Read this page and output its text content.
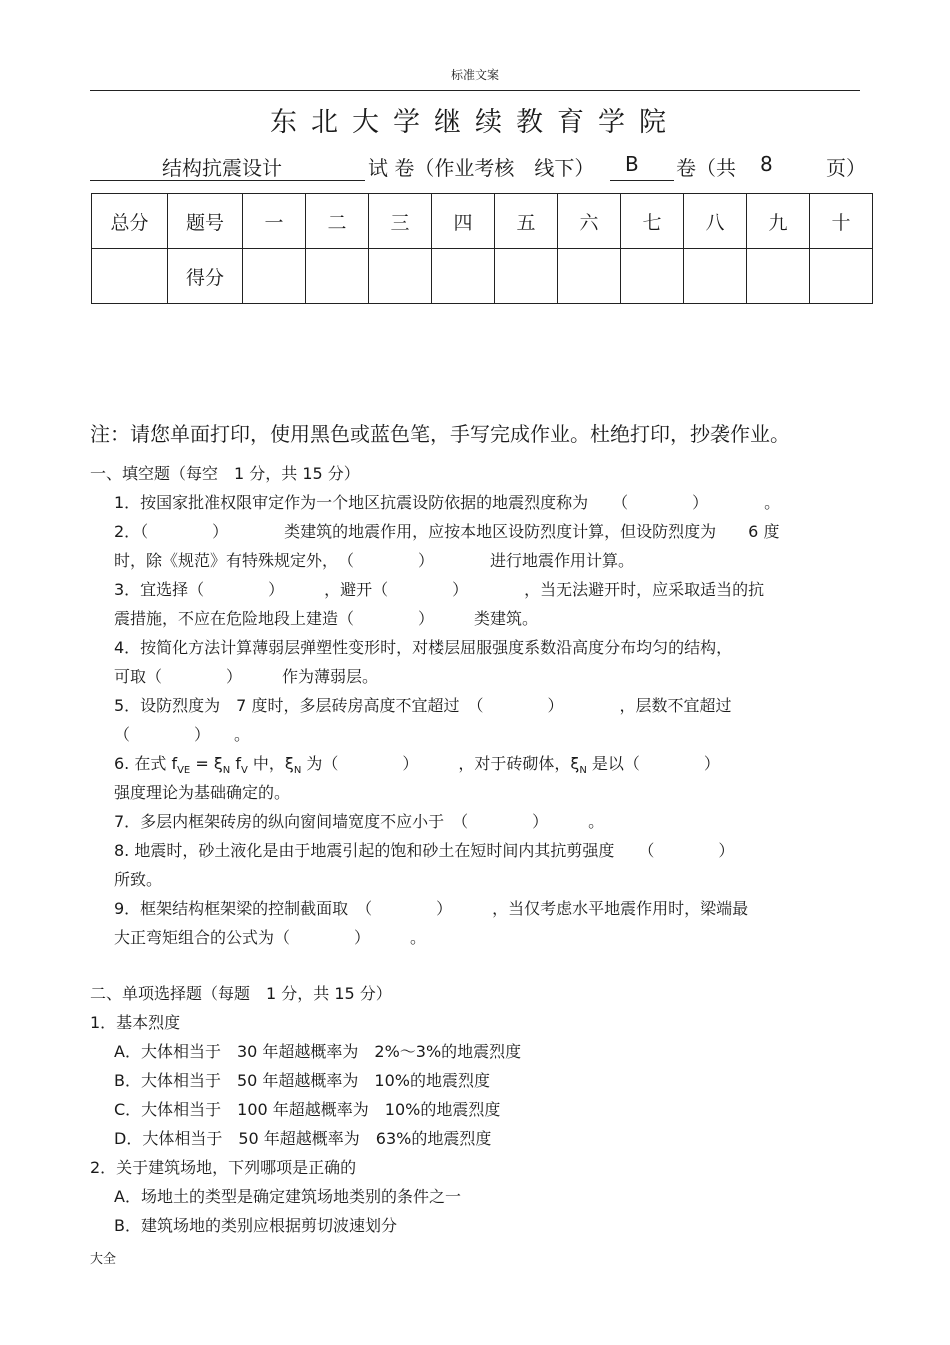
标准文案
东北大学继续教育学院
结构抗震设计	试 卷（作业考核　线下） B 卷（共 8	页）
总分	题号	一	二	三	四	五	六	七	八	九	十
	得分										
注：请您单面打印，使用黑色或蓝色笔，手写完成作业。杜绝打印，抄袭作业。
一、填空题（每空　1 分，共 15 分）
1．按国家批准权限审定作为一个地区抗震设防依据的地震烈度称为　　（　　　　）　　　　。
2．（　　　　）　　　　类建筑的地震作用，应按本地区设防烈度计算，但设防烈度为　　6 度
时，除《规范》有特殊规定外，　（　　　　）　　　　进行地震作用计算。
3．宜选择（　　　　）　　　，避开（　　　　）　　　　，当无法避开时，应采取适当的抗
震措施，不应在危险地段上建造（　　　　）　　　类建筑。
4．按简化方法计算薄弱层弹塑性变形时，对楼层屈服强度系数沿高度分布均匀的结构，
可取（　　　　）　　　作为薄弱层。
5．设防烈度为　7 度时，多层砖房高度不宜超过　（　　　　）　　　　，层数不宜超过
（　　　　）　　。
6. 在式 $f_{VE} = \xi_N$ $f_V$ 中，$\xi_N$ 为（　　　　）　　　，对于砖砌体，$\xi_N$ 是以（　　　　）
强度理论为基础确定的。
7．多层内框架砖房的纵向窗间墙宽度不应小于　（　　　　）　　　。
8. 地震时，砂土液化是由于地震引起的饱和砂土在短时间内其抗剪强度　　（　　　　）
所致。
9．框架结构框架梁的控制截面取　（　　　　）　　　，当仅考虑水平地震作用时，梁端最
大正弯矩组合的公式为（　　　　）　　　。
二、单项选择题（每题　1 分，共 15 分）
1．基本烈度
A．大体相当于　30 年超越概率为　2%～3%的地震烈度
B．大体相当于　50 年超越概率为　10%的地震烈度
C．大体相当于　100 年超越概率为　10%的地震烈度
D．大体相当于　50 年超越概率为　63%的地震烈度
2．关于建筑场地，下列哪项是正确的
A．场地土的类型是确定建筑场地类别的条件之一
B．建筑场地的类别应根据剪切波速划分
大全
